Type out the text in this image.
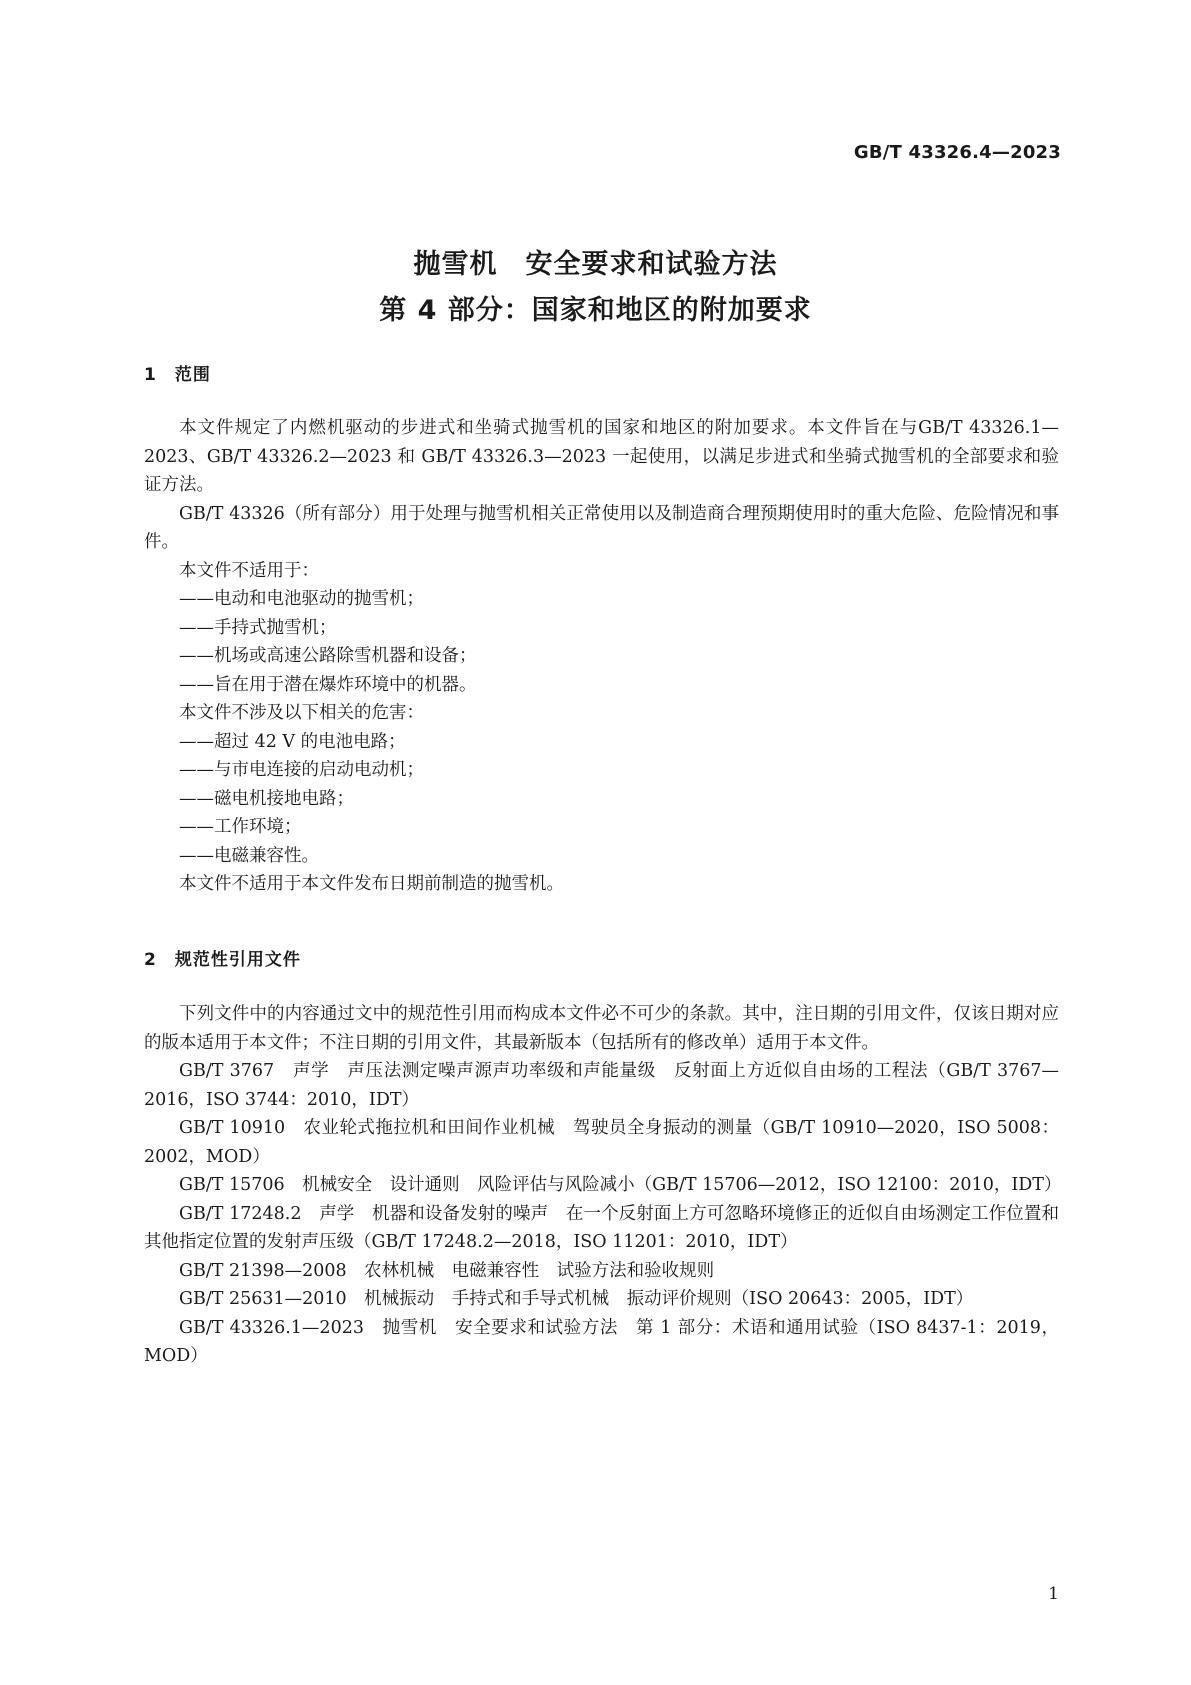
GB/T 43326.4—2023
抛雪机　安全要求和试验方法
第 4 部分：国家和地区的附加要求
1　范围

本文件规定了内燃机驱动的步进式和坐骑式抛雪机的国家和地区的附加要求。本文件旨在与GB/T 43326.1—2023、GB/T 43326.2—2023 和 GB/T 43326.3—2023 一起使用，以满足步进式和坐骑式抛雪机的全部要求和验证方法。

GB/T 43326（所有部分）用于处理与抛雪机相关正常使用以及制造商合理预期使用时的重大危险、危险情况和事件。

本文件不适用于：

——电动和电池驱动的抛雪机；

——手持式抛雪机；

——机场或高速公路除雪机器和设备；

——旨在用于潜在爆炸环境中的机器。

本文件不涉及以下相关的危害：

——超过 42 V 的电池电路；

——与市电连接的启动电动机；

——磁电机接地电路；

——工作环境；

——电磁兼容性。

本文件不适用于本文件发布日期前制造的抛雪机。

2　规范性引用文件

下列文件中的内容通过文中的规范性引用而构成本文件必不可少的条款。其中，注日期的引用文件，仅该日期对应的版本适用于本文件；不注日期的引用文件，其最新版本（包括所有的修改单）适用于本文件。

GB/T 3767　声学　声压法测定噪声源声功率级和声能量级　反射面上方近似自由场的工程法（GB/T 3767—2016，ISO 3744：2010，IDT）

GB/T 10910　农业轮式拖拉机和田间作业机械　驾驶员全身振动的测量（GB/T 10910—2020，ISO 5008：2002，MOD）

GB/T 15706　机械安全　设计通则　风险评估与风险减小（GB/T 15706—2012，ISO 12100：2010，IDT）

GB/T 17248.2　声学　机器和设备发射的噪声　在一个反射面上方可忽略环境修正的近似自由场测定工作位置和其他指定位置的发射声压级（GB/T 17248.2—2018，ISO 11201：2010，IDT）

GB/T 21398—2008　农林机械　电磁兼容性　试验方法和验收规则

GB/T 25631—2010　机械振动　手持式和手导式机械　振动评价规则（ISO 20643：2005，IDT）

GB/T 43326.1—2023　抛雪机　安全要求和试验方法　第 1 部分：术语和通用试验（ISO 8437-1：2019，MOD）

1
